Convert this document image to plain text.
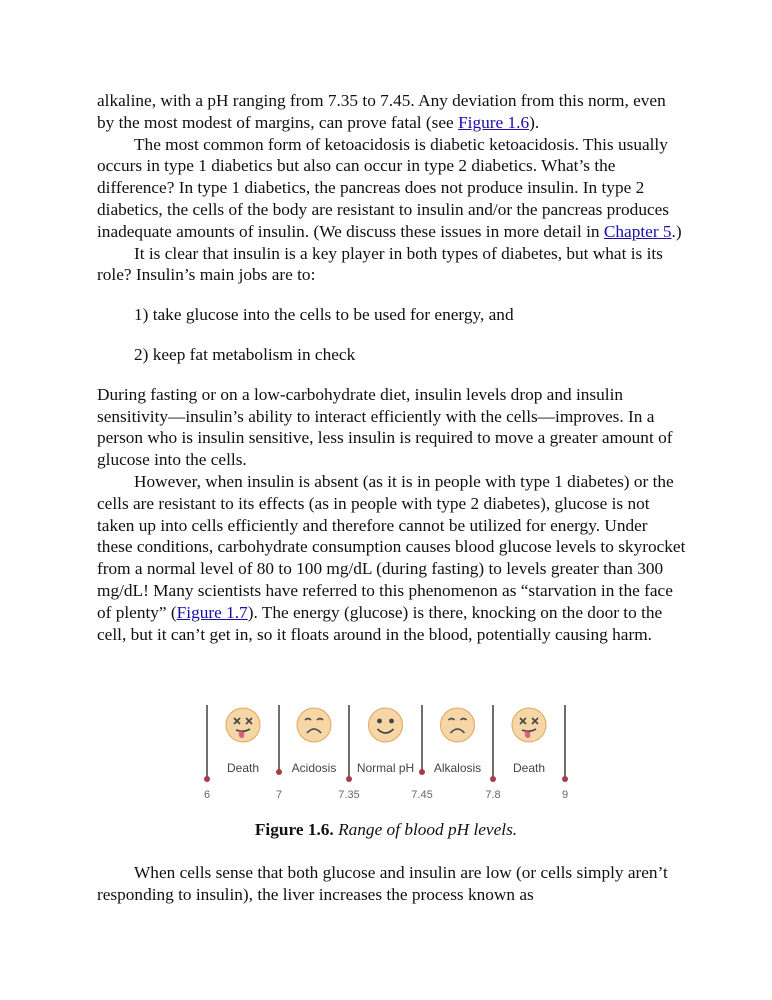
alkaline, with a pH ranging from 7.35 to 7.45. Any deviation from this norm, even by the most modest of margins, can prove fatal (see Figure 1.6).

The most common form of ketoacidosis is diabetic ketoacidosis. This usually occurs in type 1 diabetics but also can occur in type 2 diabetics. What’s the difference? In type 1 diabetics, the pancreas does not produce insulin. In type 2 diabetics, the cells of the body are resistant to insulin and/or the pancreas produces inadequate amounts of insulin. (We discuss these issues in more detail in Chapter 5.)

It is clear that insulin is a key player in both types of diabetes, but what is its role? Insulin’s main jobs are to:

1) take glucose into the cells to be used for energy, and

2) keep fat metabolism in check

During fasting or on a low-carbohydrate diet, insulin levels drop and insulin sensitivity—insulin’s ability to interact efficiently with the cells—improves. In a person who is insulin sensitive, less insulin is required to move a greater amount of glucose into the cells.

However, when insulin is absent (as it is in people with type 1 diabetes) or the cells are resistant to its effects (as in people with type 2 diabetes), glucose is not taken up into cells efficiently and therefore cannot be utilized for energy. Under these conditions, carbohydrate consumption causes blood glucose levels to skyrocket from a normal level of 80 to 100 mg/dL (during fasting) to levels greater than 300 mg/dL! Many scientists have referred to this phenomenon as “starvation in the face of plenty” (Figure 1.7). The energy (glucose) is there, knocking on the door to the cell, but it can’t get in, so it floats around in the blood, potentially causing harm.

6	7	7.35	7.45	7.8	9
Death	Acidosis Normal pH Alkalosis	Death
Figure 1.6. Range of blood pH levels.

When cells sense that both glucose and insulin are low (or cells simply aren’t responding to insulin), the liver increases the process known as
